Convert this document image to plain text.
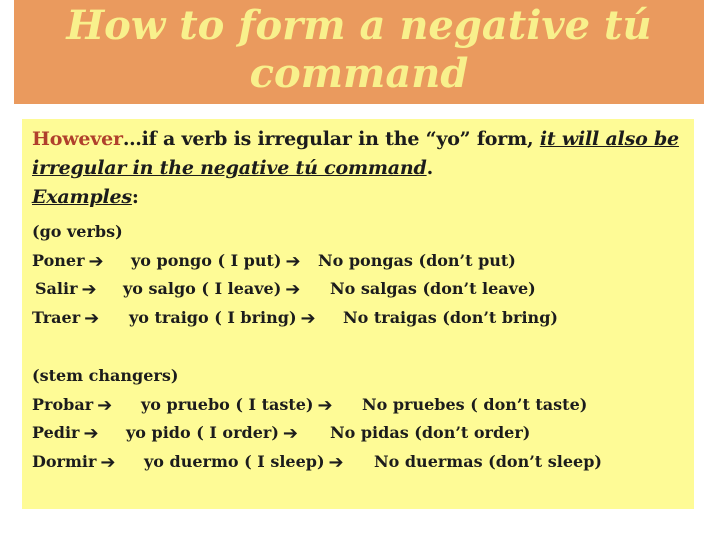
How to form a negative tú command
However…if a verb is irregular in the “yo” form, it will also be irregular in the negative tú command.
Examples:
(go verbs)
Poner ➔ yo pongo ( I put) ➔ No pongas (don’t put)
Salir ➔ yo salgo ( I leave) ➔ No salgas (don’t leave)
Traer ➔ yo traigo ( I bring) ➔ No traigas (don’t bring)
(stem changers)
Probar ➔ yo pruebo ( I taste) ➔ No pruebes ( don’t taste)
Pedir ➔ yo pido ( I order) ➔ No pidas (don’t order)
Dormir ➔ yo duermo ( I sleep) ➔ No duermas (don’t sleep)
